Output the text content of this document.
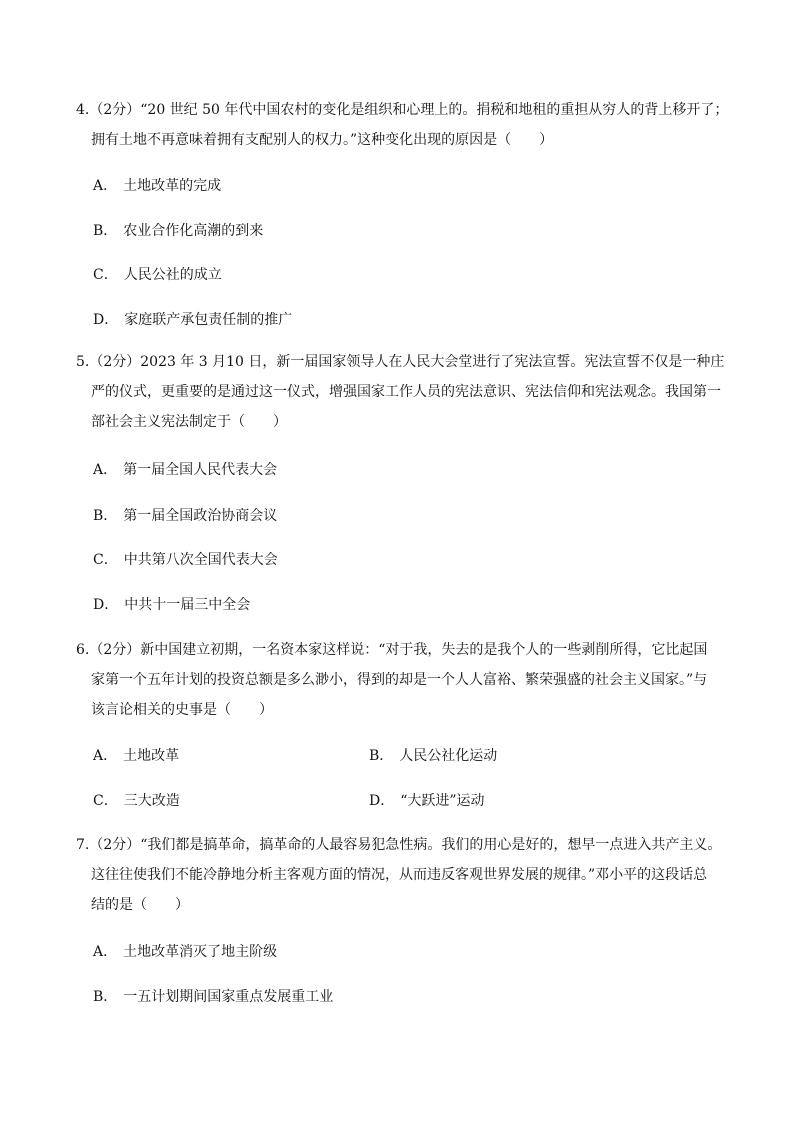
4.（2分）“20 世纪 50 年代中国农村的变化是组织和心理上的。捐税和地租的重担从穷人的背上移开了；
拥有土地不再意味着拥有支配别人的权力。”这种变化出现的原因是（　　）
A． 土地改革的完成
B． 农业合作化高潮的到来
C． 人民公社的成立
D． 家庭联产承包责任制的推广
5.（2分）2023 年 3 月10 日，新一届国家领导人在人民大会堂进行了宪法宣誓。宪法宣誓不仅是一种庄
严的仪式，更重要的是通过这一仪式，增强国家工作人员的宪法意识、宪法信仰和宪法观念。我国第一
部社会主义宪法制定于（　　）
A． 第一届全国人民代表大会
B． 第一届全国政治协商会议
C． 中共第八次全国代表大会
D． 中共十一届三中全会
6.（2分）新中国建立初期，一名资本家这样说：“对于我，失去的是我个人的一些剥削所得，它比起国
家第一个五年计划的投资总额是多么渺小，得到的却是一个人人富裕、繁荣强盛的社会主义国家。”与
该言论相关的史事是（　　）
A． 土地改革	B． 人民公社化运动
C． 三大改造	D． “大跃进”运动
7.（2分）“我们都是搞革命，搞革命的人最容易犯急性病。我们的用心是好的，想早一点进入共产主义。
这往往使我们不能冷静地分析主客观方面的情况，从而违反客观世界发展的规律。”邓小平的这段话总
结的是（　　）
A． 土地改革消灭了地主阶级
B． 一五计划期间国家重点发展重工业
